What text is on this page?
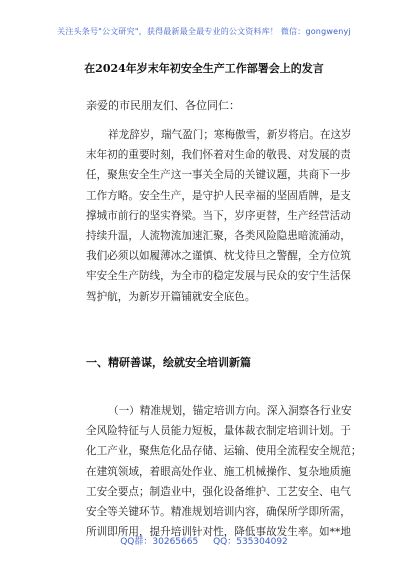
关注头条号"公文研究"，获得最新最全最专业的公文资料库！ 微信：gongwenyj
在2024年岁末年初安全生产工作部署会上的发言
亲爱的市民朋友们、各位同仁：
祥龙辞岁，瑞气盈门；寒梅傲雪，新岁将启。在这岁
末年初的重要时刻，我们怀着对生命的敬畏、对发展的责
任，聚焦安全生产这一事关全局的关键议题，共商下一步
工作方略。安全生产，是守护人民幸福的坚固盾牌，是支
撑城市前行的坚实脊梁。当下，岁序更替，生产经营活动
持续升温，人流物流加速汇聚，各类风险隐患暗流涌动，
我们必须以如履薄冰之谨慎、枕戈待旦之警醒，全方位筑
牢安全生产防线，为全市的稳定发展与民众的安宁生活保
驾护航，为新岁开篇铺就安全底色。
一、精研善谋，绘就安全培训新篇
（一）精准规划，锚定培训方向。深入洞察各行业安
全风险特征与人员能力短板，量体裁衣制定培训计划。于
化工产业，聚焦危化品存储、运输、使用全流程安全规范；
在建筑领域，着眼高处作业、施工机械操作、复杂地质施
工安全要点；制造业中，强化设备维护、工艺安全、电气
安全等关键环节。精准规划培训内容，确保所学即所需，
所训即所用，提升培训针对性，降低事故发生率。如**地
QQ群：30265665 QQ：535304092
